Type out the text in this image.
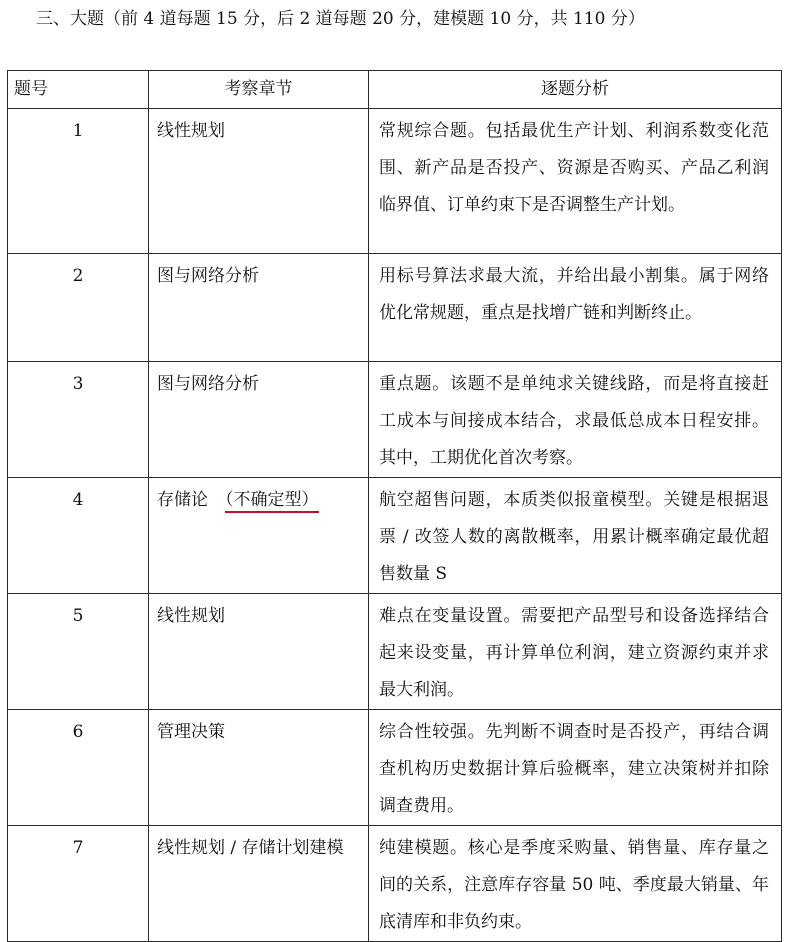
三、大题（前 4 道每题 15 分，后 2 道每题 20 分，建模题 10 分，共 110 分）
题号	考察章节	逐题分析
1	线性规划	常规综合题。包括最优生产计划、利润系数变化范围、新产品是否投产、资源是否购买、产品乙利润临界值、订单约束下是否调整生产计划。
2	图与网络分析	用标号算法求最大流，并给出最小割集。属于网络优化常规题，重点是找增广链和判断终止。
3	图与网络分析	重点题。该题不是单纯求关键线路，而是将直接赶工成本与间接成本结合，求最低总成本日程安排。其中，工期优化首次考察。
4	存储论　（不确定型）	航空超售问题，本质类似报童模型。关键是根据退票 / 改签人数的离散概率，用累计概率确定最优超售数量 S
5	线性规划	难点在变量设置。需要把产品型号和设备选择结合起来设变量，再计算单位利润，建立资源约束并求最大利润。
6	管理决策	综合性较强。先判断不调查时是否投产，再结合调查机构历史数据计算后验概率，建立决策树并扣除调查费用。
7	线性规划 / 存储计划建模	纯建模题。核心是季度采购量、销售量、库存量之间的关系，注意库存容量 50 吨、季度最大销量、年底清库和非负约束。
